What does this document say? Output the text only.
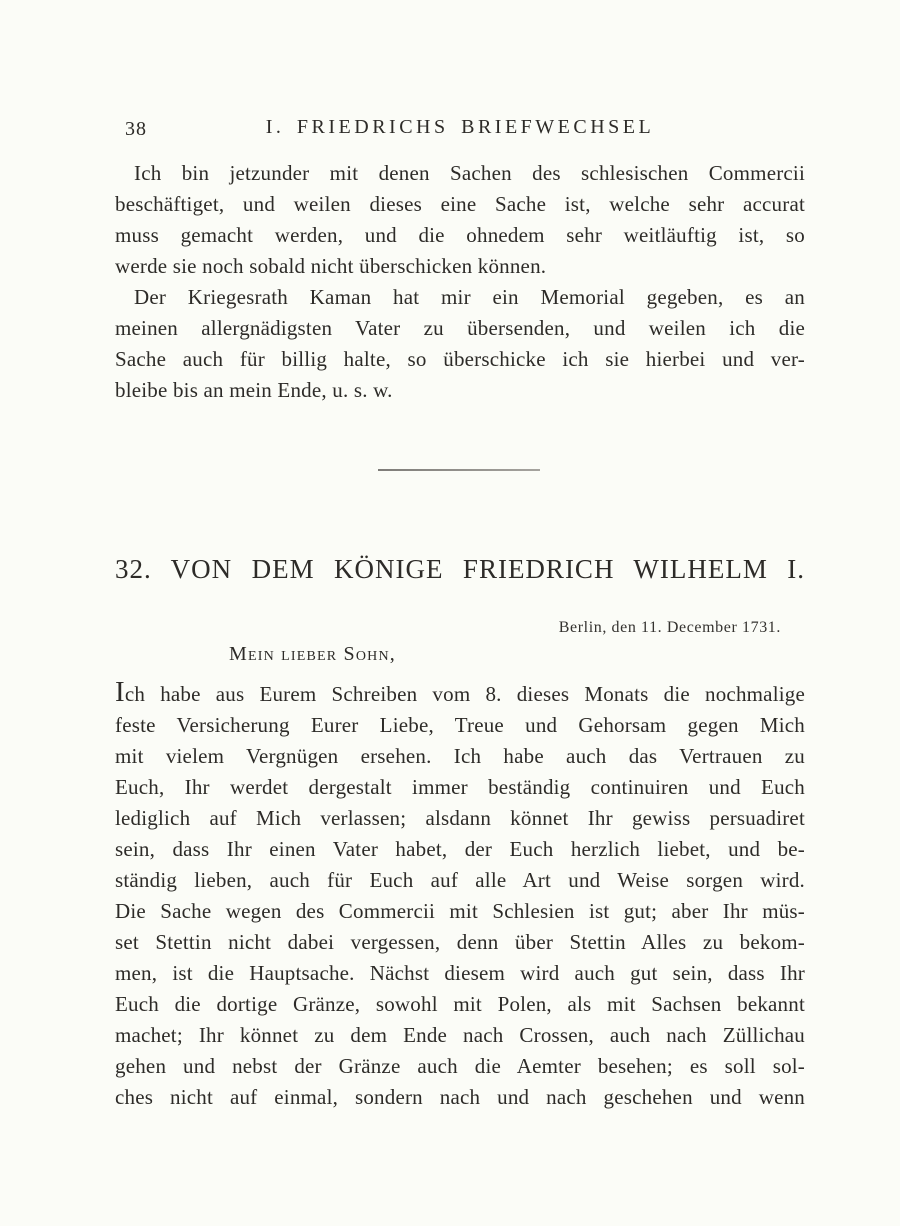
38	I. FRIEDRICHS BRIEFWECHSEL
Ich bin jetzunder mit denen Sachen des schlesischen Commercii
beschäftiget, und weilen dieses eine Sache ist, welche sehr accurat
muss gemacht werden, und die ohnedem sehr weitläuftig ist, so
werde sie noch sobald nicht überschicken können.
Der Kriegesrath Kaman hat mir ein Memorial gegeben, es an
meinen allergnädigsten Vater zu übersenden, und weilen ich die
Sache auch für billig halte, so überschicke ich sie hierbei und ver-
bleibe bis an mein Ende, u. s. w.
32. VON DEM KÖNIGE FRIEDRICH WILHELM I.
Berlin, den 11. December 1731.
Mein lieber Sohn,
Ich habe aus Eurem Schreiben vom 8. dieses Monats die nochmalige
feste Versicherung Eurer Liebe, Treue und Gehorsam gegen Mich
mit vielem Vergnügen ersehen. Ich habe auch das Vertrauen zu
Euch, Ihr werdet dergestalt immer beständig continuiren und Euch
lediglich auf Mich verlassen; alsdann könnet Ihr gewiss persuadiret
sein, dass Ihr einen Vater habet, der Euch herzlich liebet, und be-
ständig lieben, auch für Euch auf alle Art und Weise sorgen wird.
Die Sache wegen des Commercii mit Schlesien ist gut; aber Ihr müs-
set Stettin nicht dabei vergessen, denn über Stettin Alles zu bekom-
men, ist die Hauptsache. Nächst diesem wird auch gut sein, dass Ihr
Euch die dortige Gränze, sowohl mit Polen, als mit Sachsen bekannt
machet; Ihr könnet zu dem Ende nach Crossen, auch nach Züllichau
gehen und nebst der Gränze auch die Aemter besehen; es soll sol-
ches nicht auf einmal, sondern nach und nach geschehen und wenn
